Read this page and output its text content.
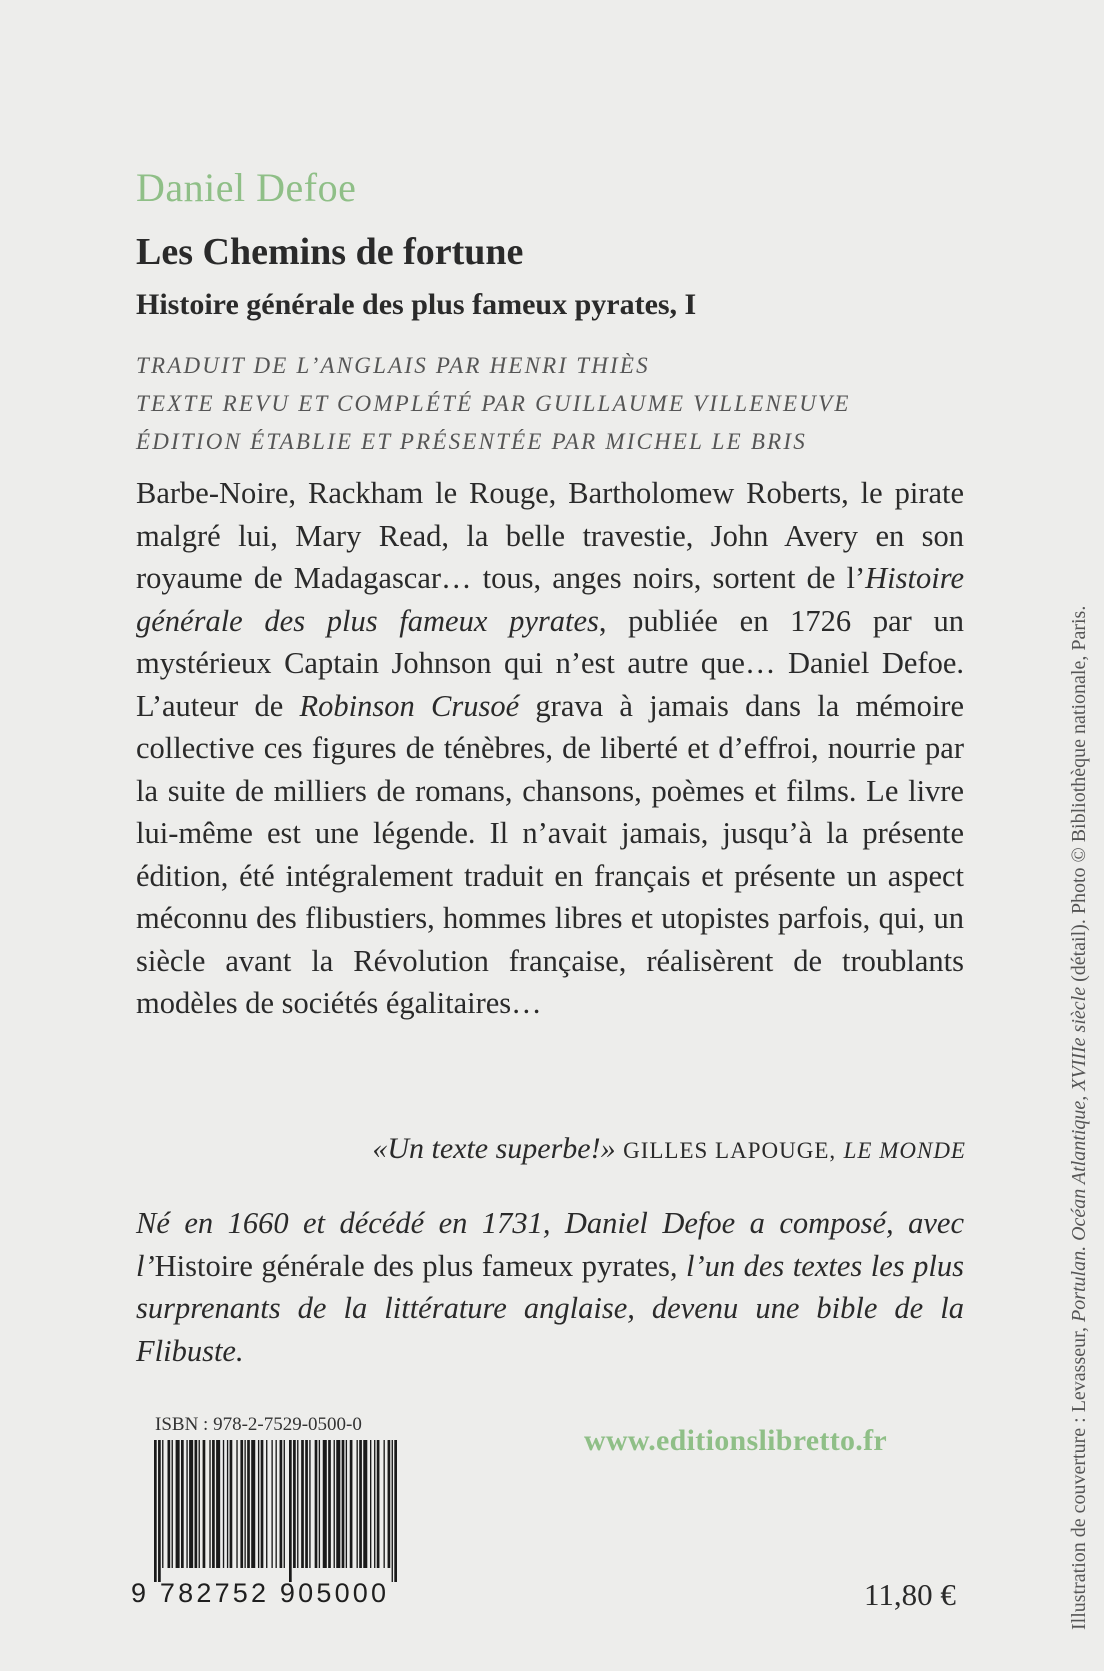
Daniel Defoe
Les Chemins de fortune
Histoire générale des plus fameux pyrates, I
TRADUIT DE L’ANGLAIS PAR HENRI THIÈS
TEXTE REVU ET COMPLÉTÉ PAR GUILLAUME VILLENEUVE
ÉDITION ÉTABLIE ET PRÉSENTÉE PAR MICHEL LE BRIS

Barbe-Noire, Rackham le Rouge, Bartholomew Roberts, le pirate malgré lui, Mary Read, la belle travestie, John Avery en son royaume de Madagascar… tous, anges noirs, sortent de l’Histoire générale des plus fameux pyrates, publiée en 1726 par un mystérieux Captain Johnson qui n’est autre que… Daniel Defoe. L’auteur de Robinson Crusoé grava à jamais dans la mémoire collective ces figures de ténèbres, de liberté et d’effroi, nourrie par la suite de milliers de romans, chansons, poèmes et films. Le livre lui-même est une légende. Il n’avait jamais, jusqu’à la présente édition, été intégralement traduit en français et présente un aspect méconnu des flibustiers, hommes libres et utopistes parfois, qui, un siècle avant la Révolution française, réalisèrent de troublants modèles de sociétés égalitaires…

«Un texte superbe!» GILLES LAPOUGE, LE MONDE
Né en 1660 et décédé en 1731, Daniel Defoe a composé, avec l’Histoire générale des plus fameux pyrates, l’un des textes les plus surprenants de la littérature anglaise, devenu une bible de la Flibuste.
ISBN : 978-2-7529-0500-0
9 782752 905000
www.editionslibretto.fr
11,80 €	Illustration de couverture : Levasseur, Portulan. Océan Atlantique, XVIIIe siècle (détail). Photo © Bibliothèque nationale, Paris.
